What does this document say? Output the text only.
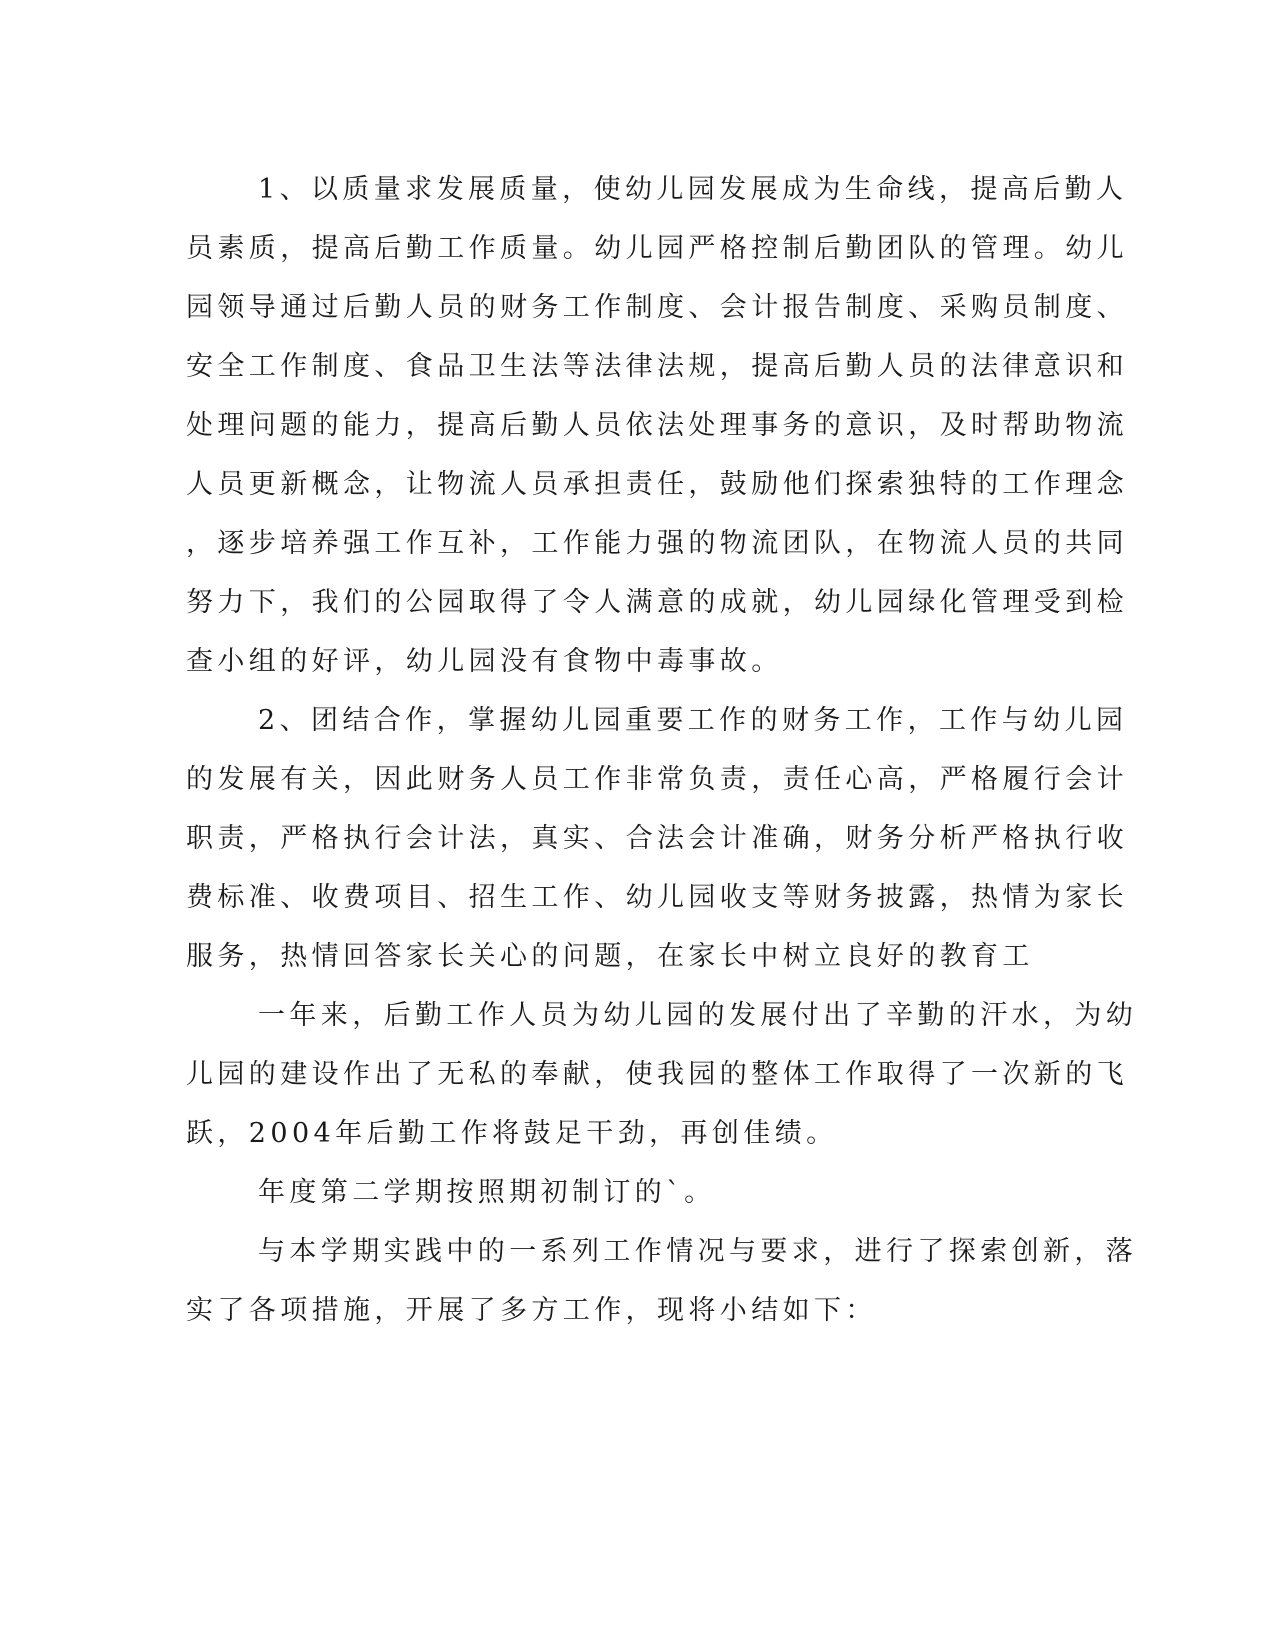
1、以质量求发展质量，使幼儿园发展成为生命线，提高后勤人
员素质，提高后勤工作质量。幼儿园严格控制后勤团队的管理。幼儿
园领导通过后勤人员的财务工作制度、会计报告制度、采购员制度、
安全工作制度、食品卫生法等法律法规，提高后勤人员的法律意识和
处理问题的能力，提高后勤人员依法处理事务的意识，及时帮助物流
人员更新概念，让物流人员承担责任，鼓励他们探索独特的工作理念
，逐步培养强工作互补，工作能力强的物流团队，在物流人员的共同
努力下，我们的公园取得了令人满意的成就，幼儿园绿化管理受到检
查小组的好评，幼儿园没有食物中毒事故。
2、团结合作，掌握幼儿园重要工作的财务工作，工作与幼儿园
的发展有关，因此财务人员工作非常负责，责任心高，严格履行会计
职责，严格执行会计法，真实、合法会计准确，财务分析严格执行收
费标准、收费项目、招生工作、幼儿园收支等财务披露，热情为家长
服务，热情回答家长关心的问题，在家长中树立良好的教育工
一年来，后勤工作人员为幼儿园的发展付出了辛勤的汗水，为幼
儿园的建设作出了无私的奉献，使我园的整体工作取得了一次新的飞
跃，2004年后勤工作将鼓足干劲，再创佳绩。
年度第二学期按照期初制订的`。
与本学期实践中的一系列工作情况与要求，进行了探索创新，落
实了各项措施，开展了多方工作，现将小结如下：
